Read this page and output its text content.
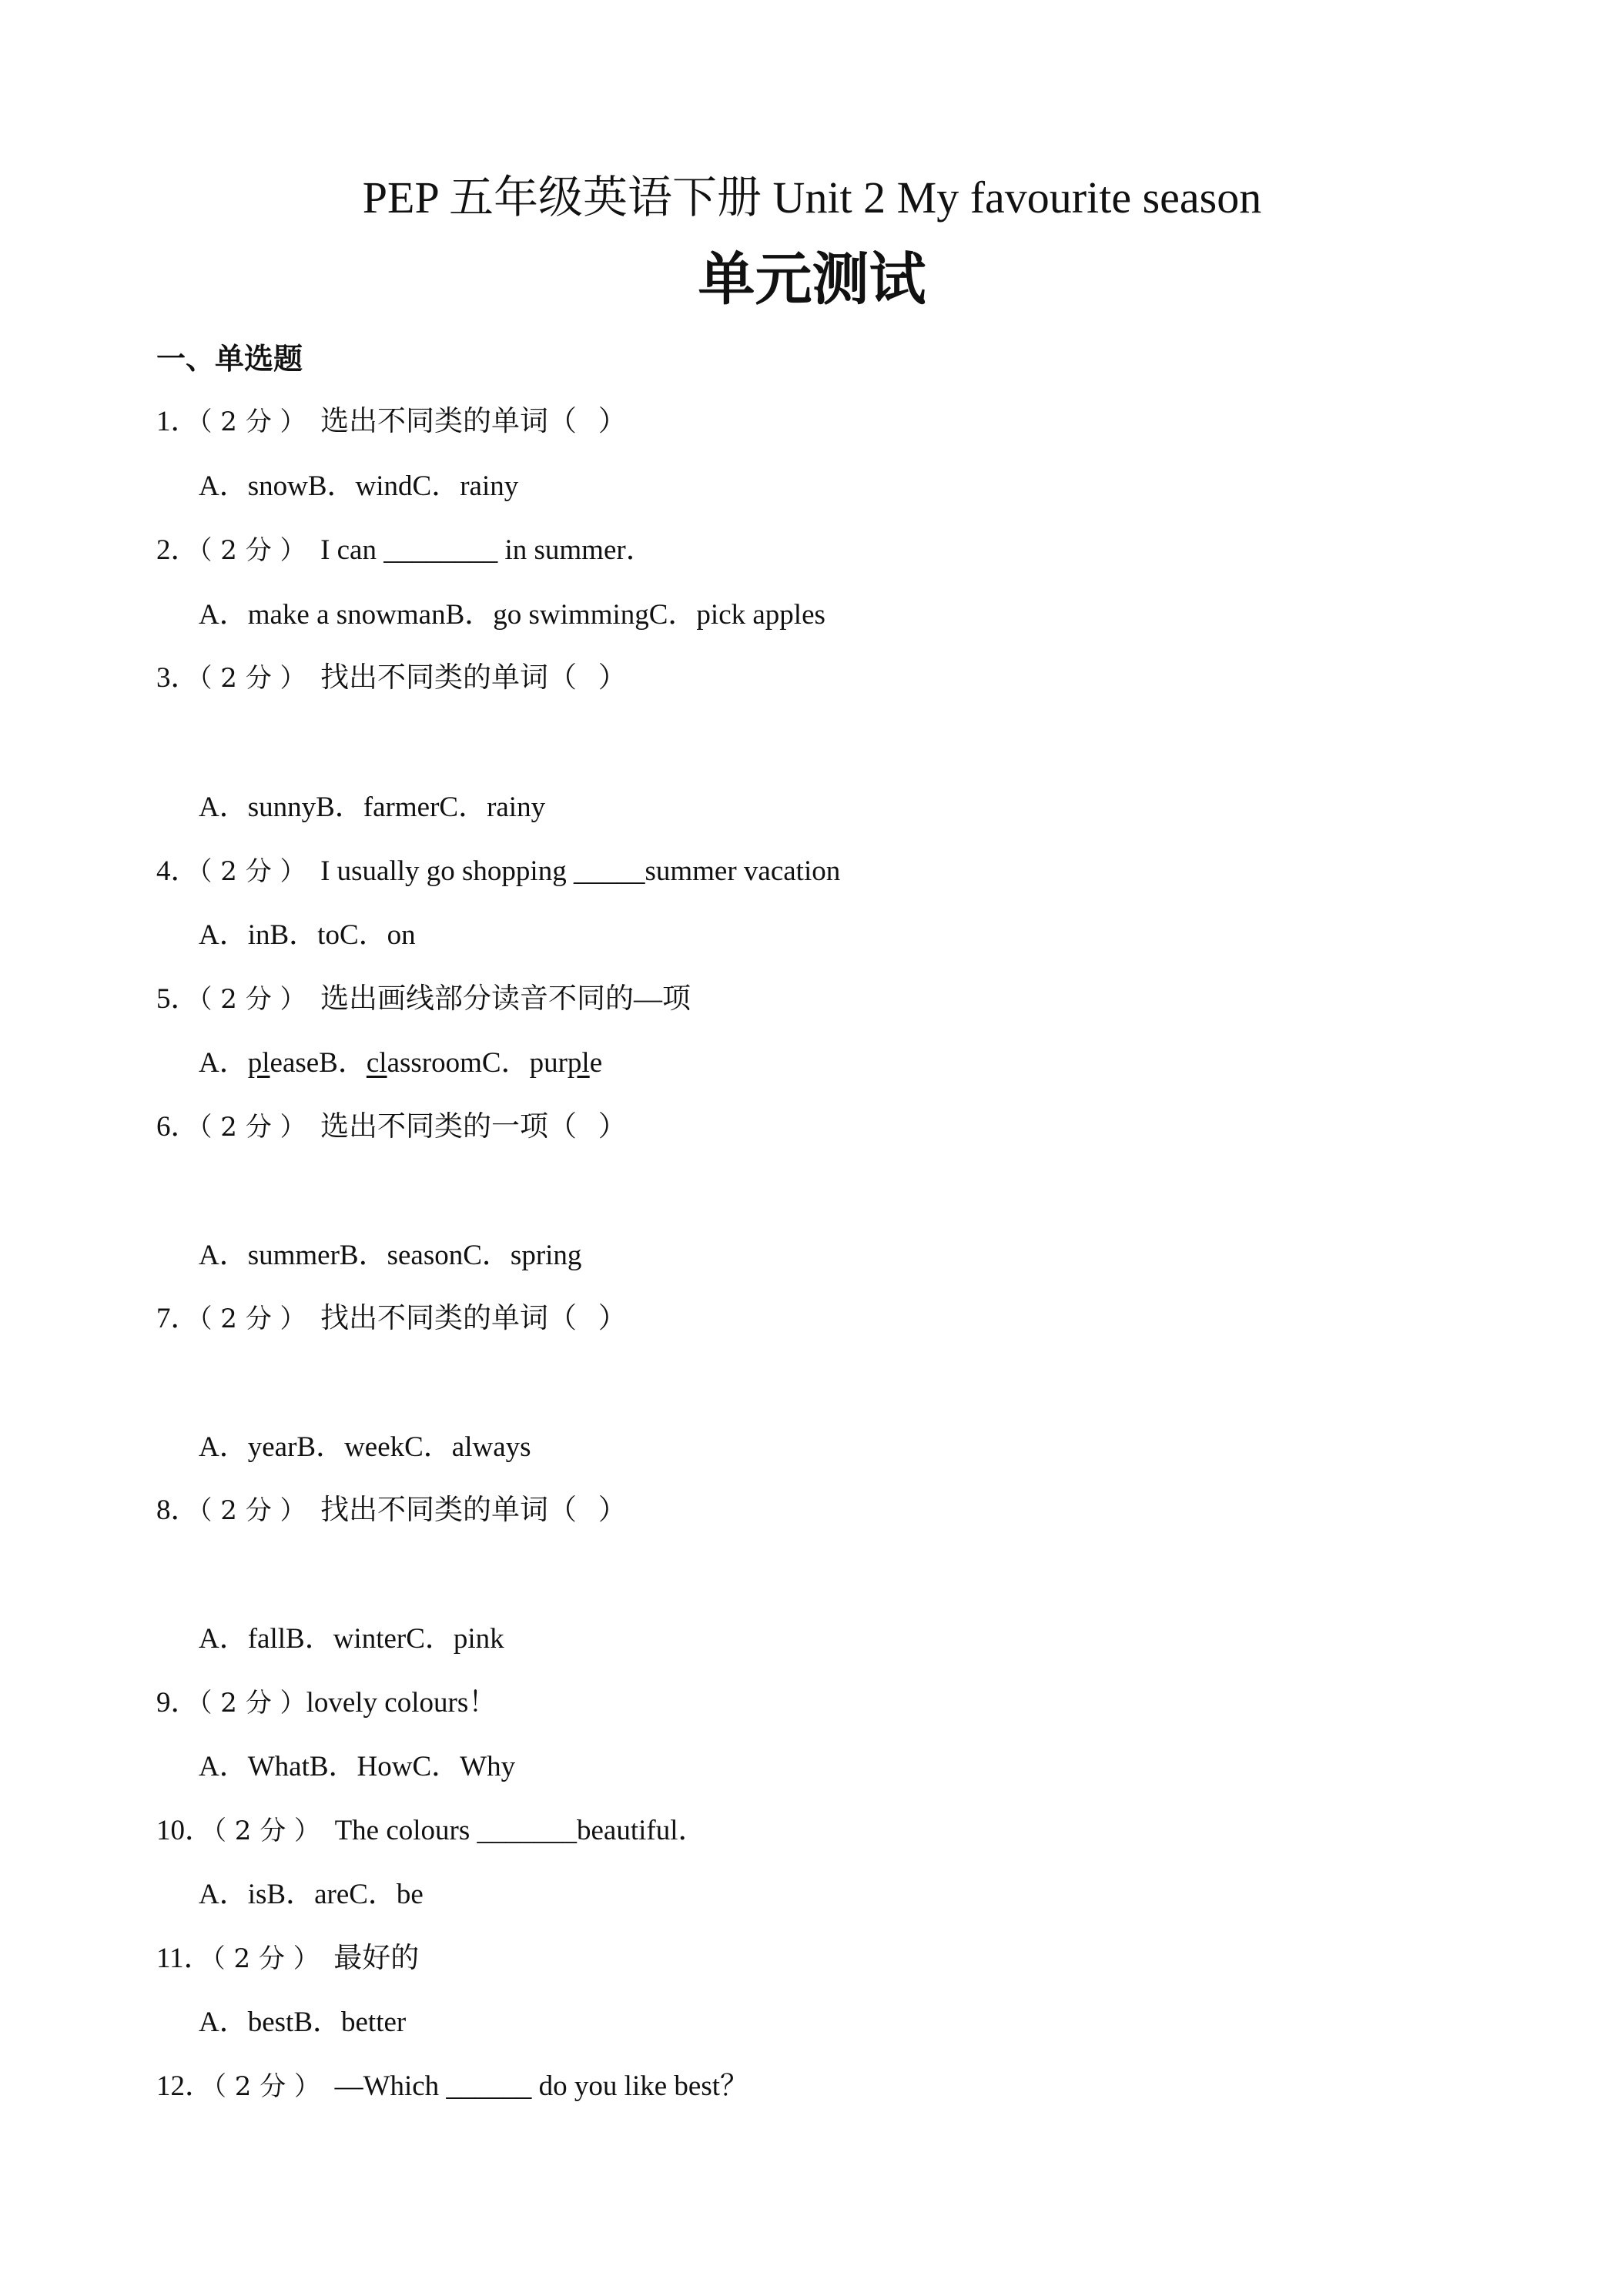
PEP 五年级英语下册 Unit 2 My favourite season
单元测试
一、单选题
1．（ 2 分 ）  选出不同类的单词（   ）
A．snowB．windC．rainy
2．（ 2 分 ）  I can ________ in summer．
A．make a snowmanB．go swimmingC．pick apples
3．（ 2 分 ）  找出不同类的单词（   ）
A．sunnyB．farmerC．rainy
4．（ 2 分 ）  I usually go shopping _____summer vacation
A．inB．toC．on
5．（ 2 分 ）  选出画线部分读音不同的—项
A．pleaseB．classroomC．purple
6．（ 2 分 ）  选出不同类的一项（   ）
A．summerB．seasonC．spring
7．（ 2 分 ）  找出不同类的单词（   ）
A．yearB．weekC．always
8．（ 2 分 ）  找出不同类的单词（   ）
A．fallB．winterC．pink
9．（ 2 分 ）lovely colours！
A．WhatB．HowC．Why
10．（ 2 分 ）  The colours _______beautiful．
A．isB．areC．be
11．（ 2 分 ）  最好的
A．bestB．better
12．（ 2 分 ）  —Which ______ do you like best？
